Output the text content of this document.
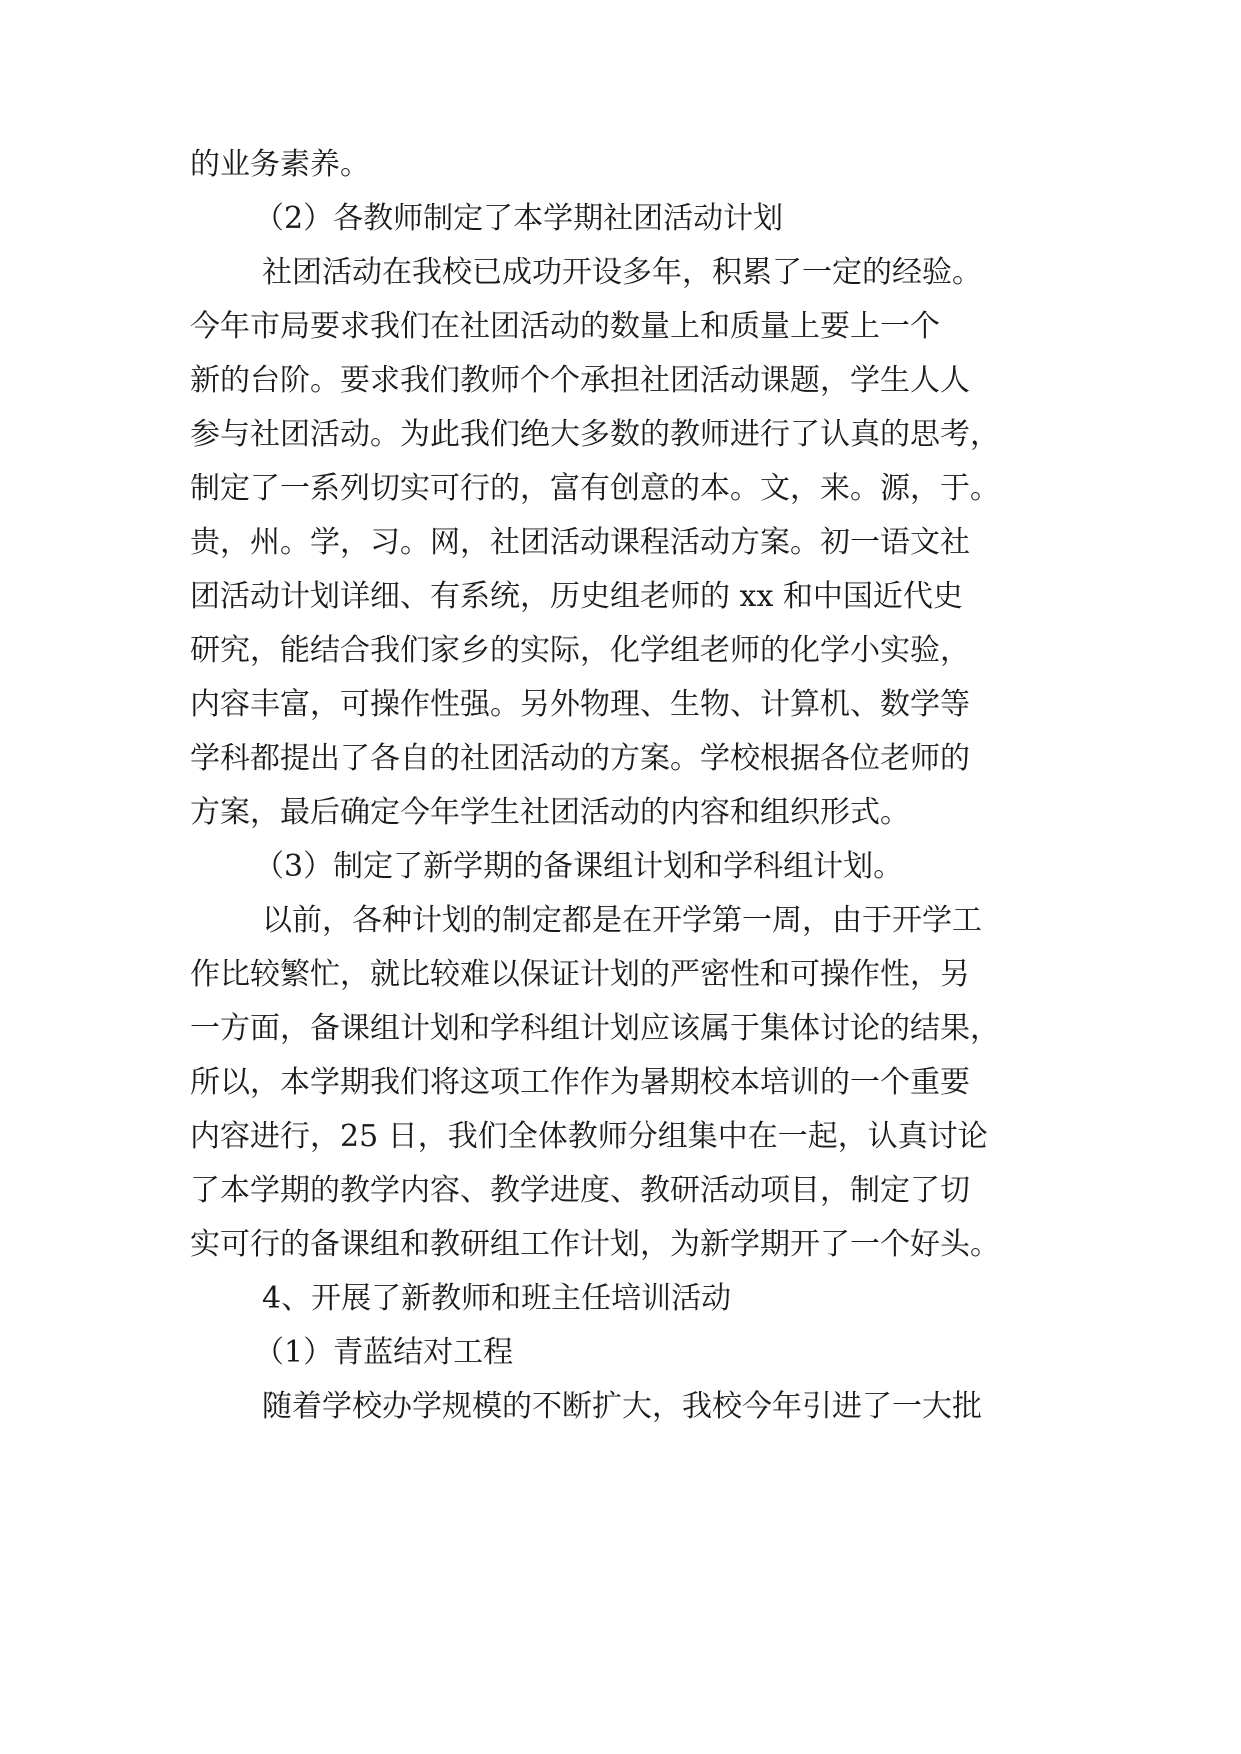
的业务素养。
（2）各教师制定了本学期社团活动计划
社团活动在我校已成功开设多年，积累了一定的经验。
今年市局要求我们在社团活动的数量上和质量上要上一个
新的台阶。要求我们教师个个承担社团活动课题，学生人人
参与社团活动。为此我们绝大多数的教师进行了认真的思考，
制定了一系列切实可行的，富有创意的本。文，来。源，于。
贵，州。学，习。网，社团活动课程活动方案。初一语文社
团活动计划详细、有系统，历史组老师的 xx 和中国近代史
研究，能结合我们家乡的实际，化学组老师的化学小实验，
内容丰富，可操作性强。另外物理、生物、计算机、数学等
学科都提出了各自的社团活动的方案。学校根据各位老师的
方案，最后确定今年学生社团活动的内容和组织形式。
（3）制定了新学期的备课组计划和学科组计划。
以前，各种计划的制定都是在开学第一周，由于开学工
作比较繁忙，就比较难以保证计划的严密性和可操作性，另
一方面，备课组计划和学科组计划应该属于集体讨论的结果，
所以，本学期我们将这项工作作为暑期校本培训的一个重要
内容进行，25 日，我们全体教师分组集中在一起，认真讨论
了本学期的教学内容、教学进度、教研活动项目，制定了切
实可行的备课组和教研组工作计划，为新学期开了一个好头。
4、开展了新教师和班主任培训活动
（1）青蓝结对工程
随着学校办学规模的不断扩大，我校今年引进了一大批
